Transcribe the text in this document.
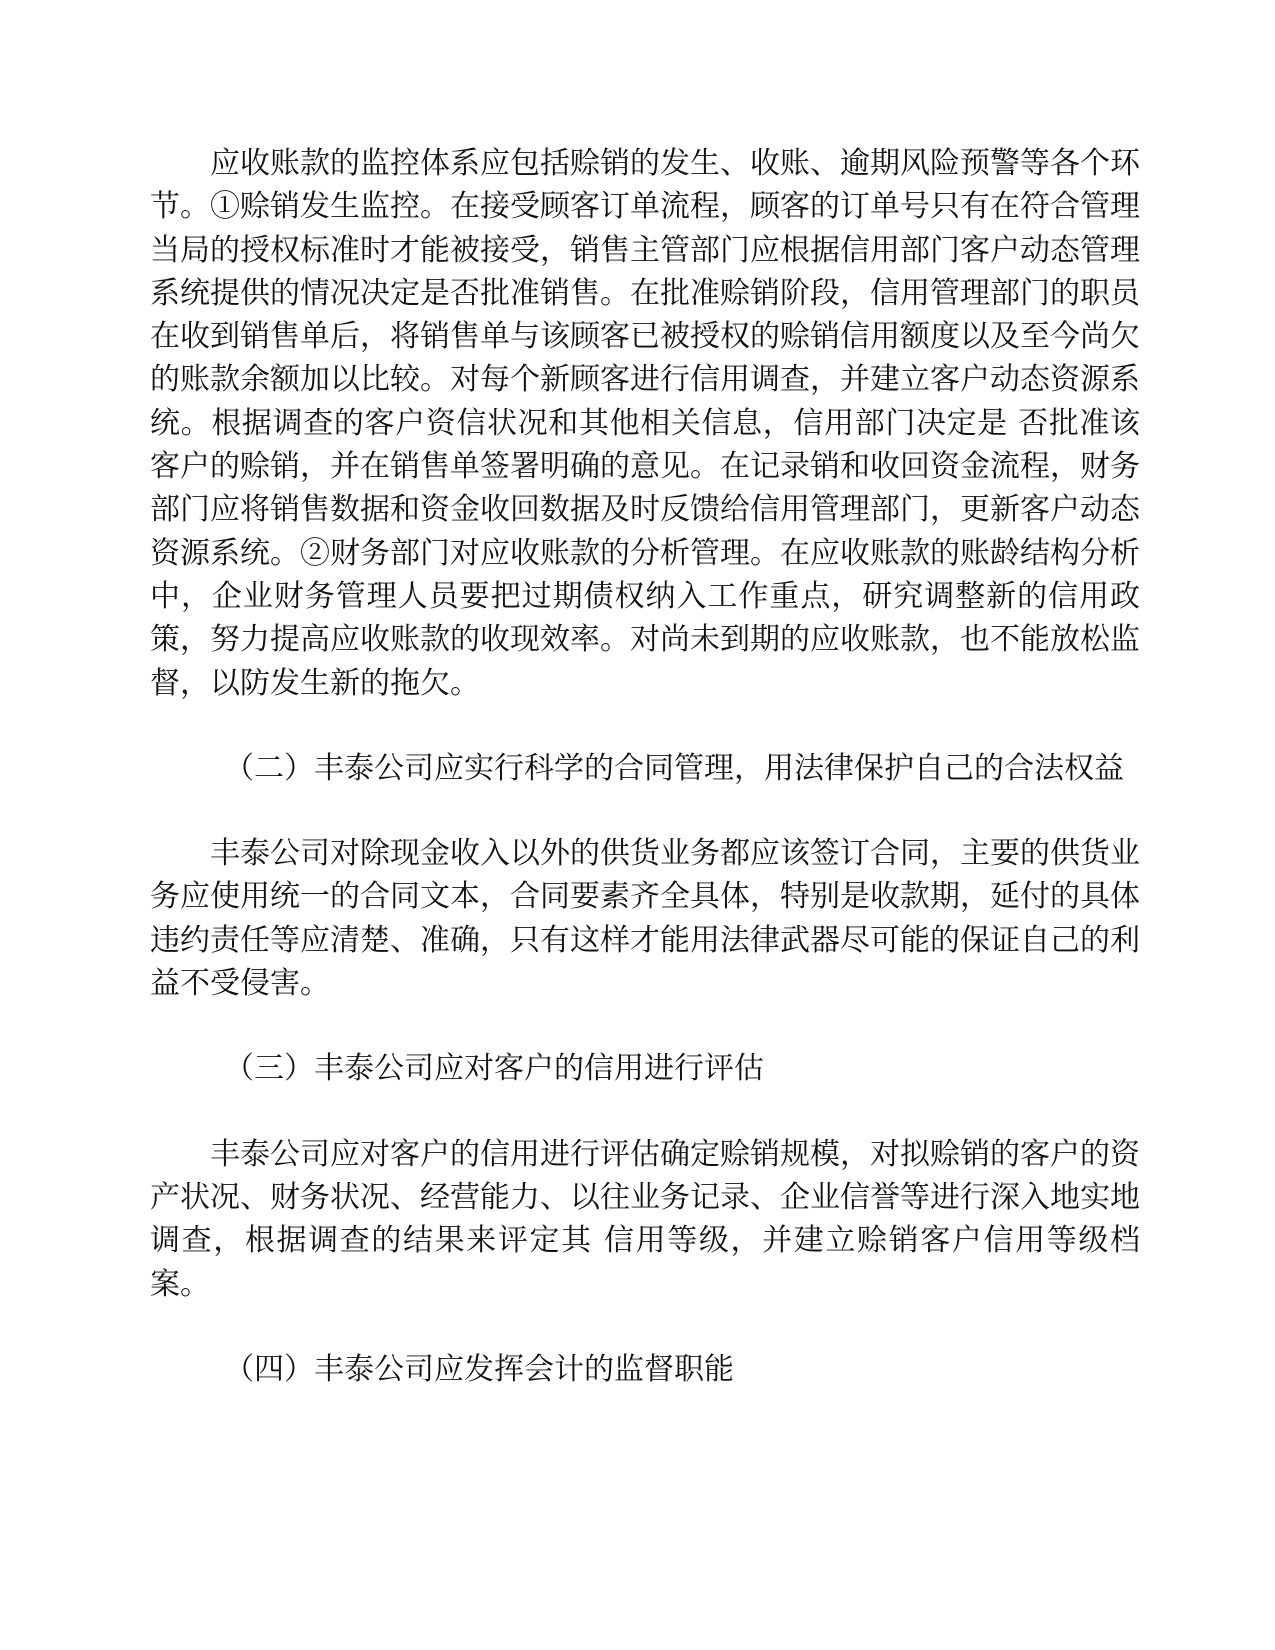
应收账款的监控体系应包括赊销的发生、收账、逾期风险预警等各个环节。①赊销发生监控。在接受顾客订单流程，顾客的订单号只有在符合管理当局的授权标准时才能被接受，销售主管部门应根据信用部门客户动态管理系统提供的情况决定是否批准销售。在批准赊销阶段，信用管理部门的职员在收到销售单后，将销售单与该顾客已被授权的赊销信用额度以及至今尚欠的账款余额加以比较。对每个新顾客进行信用调查，并建立客户动态资源系统。根据调查的客户资信状况和其他相关信息，信用部门决定是 否批准该客户的赊销，并在销售单签署明确的意见。在记录销和收回资金流程，财务部门应将销售数据和资金收回数据及时反馈给信用管理部门，更新客户动态资源系统。②财务部门对应收账款的分析管理。在应收账款的账龄结构分析中，企业财务管理人员要把过期债权纳入工作重点，研究调整新的信用政策，努力提高应收账款的收现效率。对尚未到期的应收账款，也不能放松监督，以防发生新的拖欠。

（二）丰泰公司应实行科学的合同管理，用法律保护自己的合法权益

丰泰公司对除现金收入以外的供货业务都应该签订合同，主要的供货业务应使用统一的合同文本，合同要素齐全具体，特别是收款期，延付的具体违约责任等应清楚、准确，只有这样才能用法律武器尽可能的保证自己的利益不受侵害。

（三）丰泰公司应对客户的信用进行评估

丰泰公司应对客户的信用进行评估确定赊销规模，对拟赊销的客户的资产状况、财务状况、经营能力、以往业务记录、企业信誉等进行深入地实地调查，根据调查的结果来评定其 信用等级，并建立赊销客户信用等级档案。

（四）丰泰公司应发挥会计的监督职能
